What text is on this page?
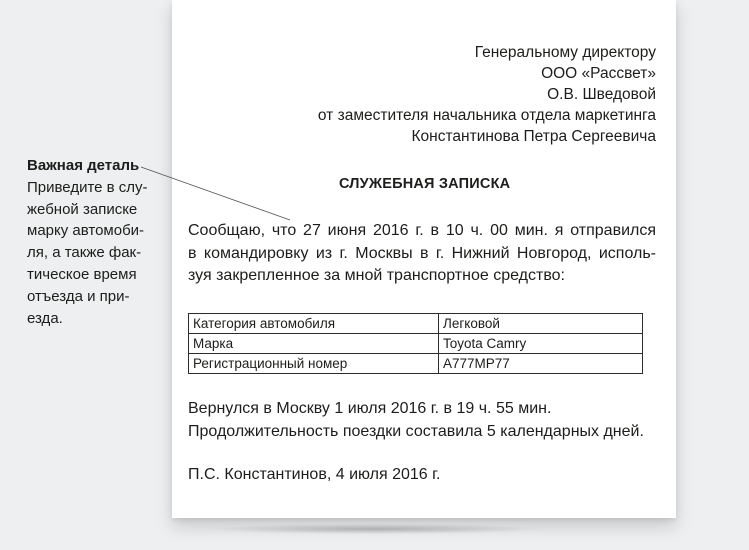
Важная деталь
Приведите в слу-
жебной записке
марку автомоби-
ля, а также фак-
тическое время
отъезда и при-
езда.
Генеральному директору
ООО «Рассвет»
О.В. Шведовой
от заместителя начальника отдела маркетинга
Константинова Петра Сергеевича
СЛУЖЕБНАЯ ЗАПИСКА
Сообщаю, что 27 июня 2016 г. в 10 ч. 00 мин. я отправился
в командировку из г. Москвы в г. Нижний Новгород, исполь-
зуя закрепленное за мной транспортное средство:
Категория автомобиля	Легковой
Марка	Toyota Camry
Регистрационный номер	А777МР77
Вернулся в Москву 1 июля 2016 г. в 19 ч. 55 мин.
Продолжительность поездки составила 5 календарных дней.
П.С. Константинов, 4 июля 2016 г.
